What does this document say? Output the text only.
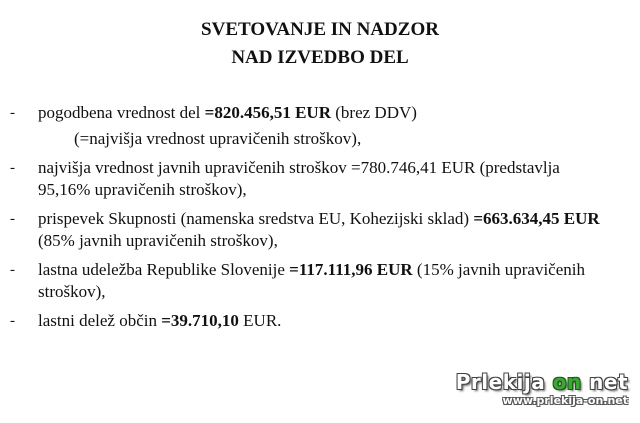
SVETOVANJE IN NADZOR
NAD IZVEDBO DEL
- pogodbena vrednost del =820.456,51 EUR (brez DDV)
(=najvišja vrednost upravičenih stroškov),
- najvišja vrednost javnih upravičenih stroškov =780.746,41 EUR (predstavlja 95,16% upravičenih stroškov),
- prispevek Skupnosti (namenska sredstva EU, Kohezijski sklad) =663.634,45 EUR (85% javnih upravičenih stroškov),
- lastna udeležba Republike Slovenije =117.111,96 EUR (15% javnih upravičenih stroškov),
- lastni delež občin =39.710,10 EUR.
Prlekija on net
www.prlekija-on.net
